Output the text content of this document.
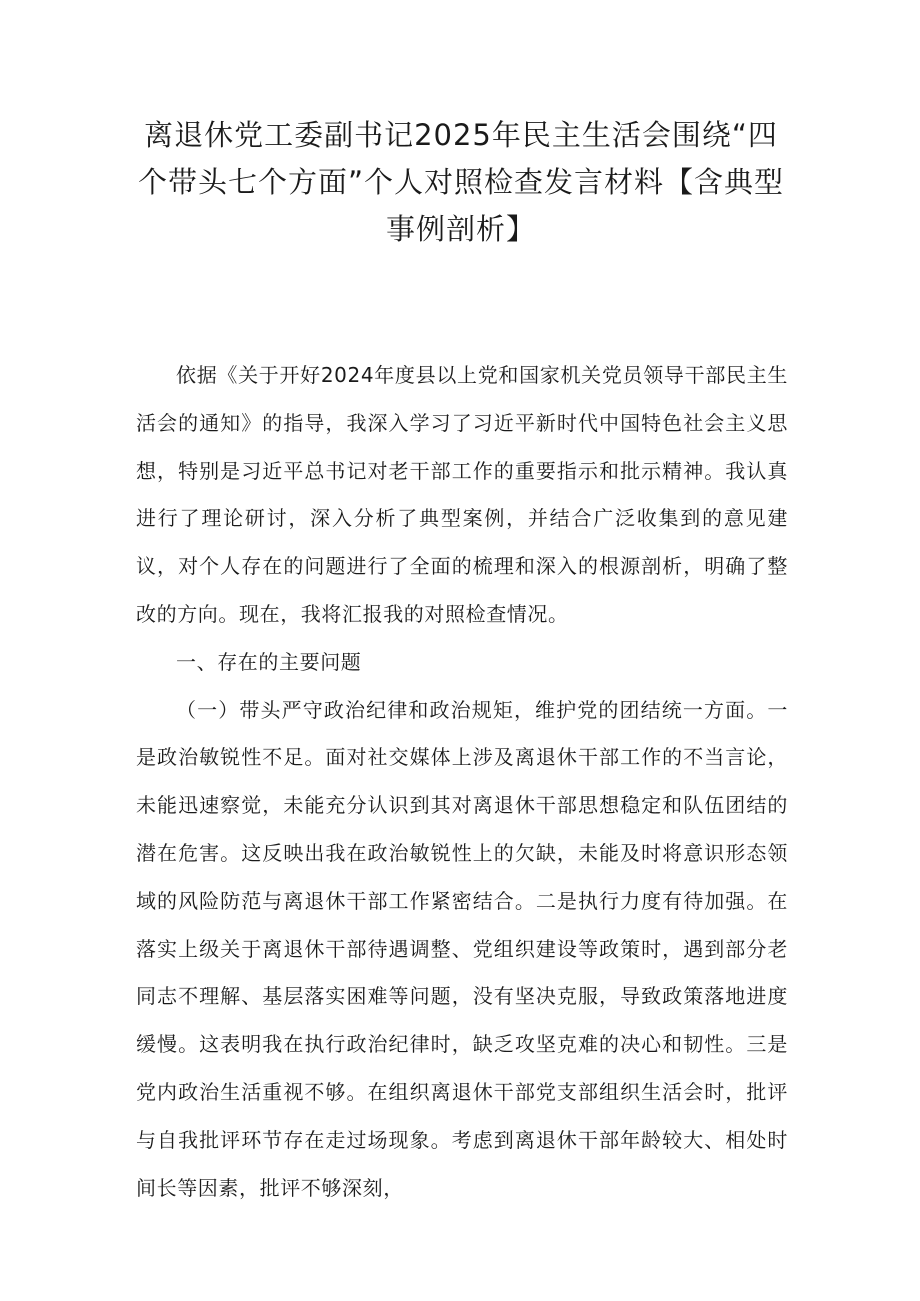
离退休党工委副书记2025年民主生活会围绕“四个带头七个方面”个人对照检查发言材料【含典型事例剖析】

依据《关于开好2024年度县以上党和国家机关党员领导干部民主生活会的通知》的指导，我深入学习了习近平新时代中国特色社会主义思想，特别是习近平总书记对老干部工作的重要指示和批示精神。我认真进行了理论研讨，深入分析了典型案例，并结合广泛收集到的意见建议，对个人存在的问题进行了全面的梳理和深入的根源剖析，明确了整改的方向。现在，我将汇报我的对照检查情况。

一、存在的主要问题

（一）带头严守政治纪律和政治规矩，维护党的团结统一方面。一是政治敏锐性不足。面对社交媒体上涉及离退休干部工作的不当言论，未能迅速察觉，未能充分认识到其对离退休干部思想稳定和队伍团结的潜在危害。这反映出我在政治敏锐性上的欠缺，未能及时将意识形态领域的风险防范与离退休干部工作紧密结合。二是执行力度有待加强。在落实上级关于离退休干部待遇调整、党组织建设等政策时，遇到部分老同志不理解、基层落实困难等问题，没有坚决克服，导致政策落地进度缓慢。这表明我在执行政治纪律时，缺乏攻坚克难的决心和韧性。三是党内政治生活重视不够。在组织离退休干部党支部组织生活会时，批评与自我批评环节存在走过场现象。考虑到离退休干部年龄较大、相处时间长等因素，批评不够深刻，
